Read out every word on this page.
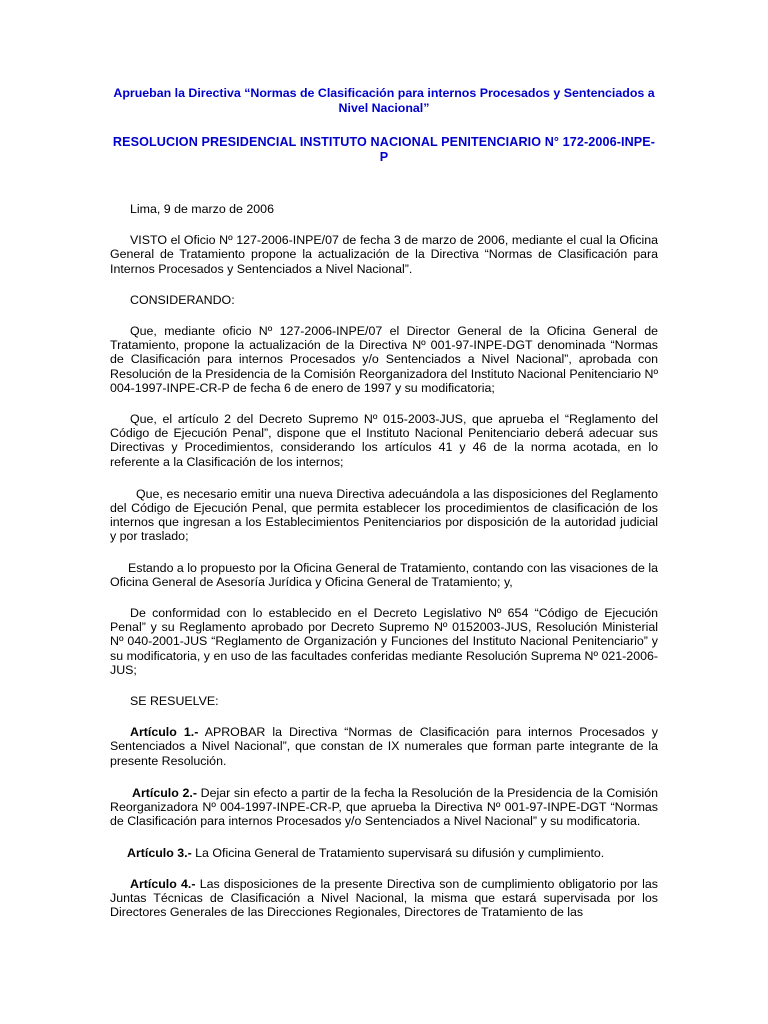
Aprueban la Directiva “Normas de Clasificación para internos Procesados y Sentenciados a Nivel Nacional”
RESOLUCION PRESIDENCIAL INSTITUTO NACIONAL PENITENCIARIO N° 172-2006-INPE-P

Lima, 9 de marzo de 2006

VISTO el Oficio Nº 127-2006-INPE/07 de fecha 3 de marzo de 2006, mediante el cual la Oficina General de Tratamiento propone la actualización de la Directiva “Normas de Clasificación para Internos Procesados y Sentenciados a Nivel Nacional”.

CONSIDERANDO:

Que, mediante oficio Nº 127-2006-INPE/07 el Director General de la Oficina General de Tratamiento, propone la actualización de la Directiva Nº 001-97-INPE-DGT denominada “Normas de Clasificación para internos Procesados y/o Sentenciados a Nivel Nacional”, aprobada con Resolución de la Presidencia de la Comisión Reorganizadora del Instituto Nacional Penitenciario Nº 004-1997-INPE-CR-P de fecha 6 de enero de 1997 y su modificatoria;

Que, el artículo 2 del Decreto Supremo Nº 015-2003-JUS, que aprueba el “Reglamento del Código de Ejecución Penal”, dispone que el Instituto Nacional Penitenciario deberá adecuar sus Directivas y Procedimientos, considerando los artículos 41 y 46 de la norma acotada, en lo referente a la Clasificación de los internos;

Que, es necesario emitir una nueva Directiva adecuándola a las disposiciones del Reglamento del Código de Ejecución Penal, que permita establecer los procedimientos de clasificación de los internos que ingresan a los Establecimientos Penitenciarios por disposición de la autoridad judicial y por traslado;

Estando a lo propuesto por la Oficina General de Tratamiento, contando con las visaciones de la Oficina General de Asesoría Jurídica y Oficina General de Tratamiento; y,

De conformidad con lo establecido en el Decreto Legislativo Nº 654 “Código de Ejecución Penal” y su Reglamento aprobado por Decreto Supremo Nº 0152003-JUS, Resolución Ministerial Nº 040-2001-JUS “Reglamento de Organización y Funciones del Instituto Nacional Penitenciario” y su modificatoria, y en uso de las facultades conferidas mediante Resolución Suprema Nº 021-2006-JUS;

SE RESUELVE:

Artículo 1.- APROBAR la Directiva “Normas de Clasificación para internos Procesados y Sentenciados a Nivel Nacional”, que constan de IX numerales que forman parte integrante de la presente Resolución.

Artículo 2.- Dejar sin efecto a partir de la fecha la Resolución de la Presidencia de la Comisión Reorganizadora Nº 004-1997-INPE-CR-P, que aprueba la Directiva Nº 001-97-INPE-DGT “Normas de Clasificación para internos Procesados y/o Sentenciados a Nivel Nacional” y su modificatoria.

Artículo 3.- La Oficina General de Tratamiento supervisará su difusión y cumplimiento.

Artículo 4.- Las disposiciones de la presente Directiva son de cumplimiento obligatorio por las Juntas Técnicas de Clasificación a Nivel Nacional, la misma que estará supervisada por los Directores Generales de las Direcciones Regionales, Directores de Tratamiento de las
